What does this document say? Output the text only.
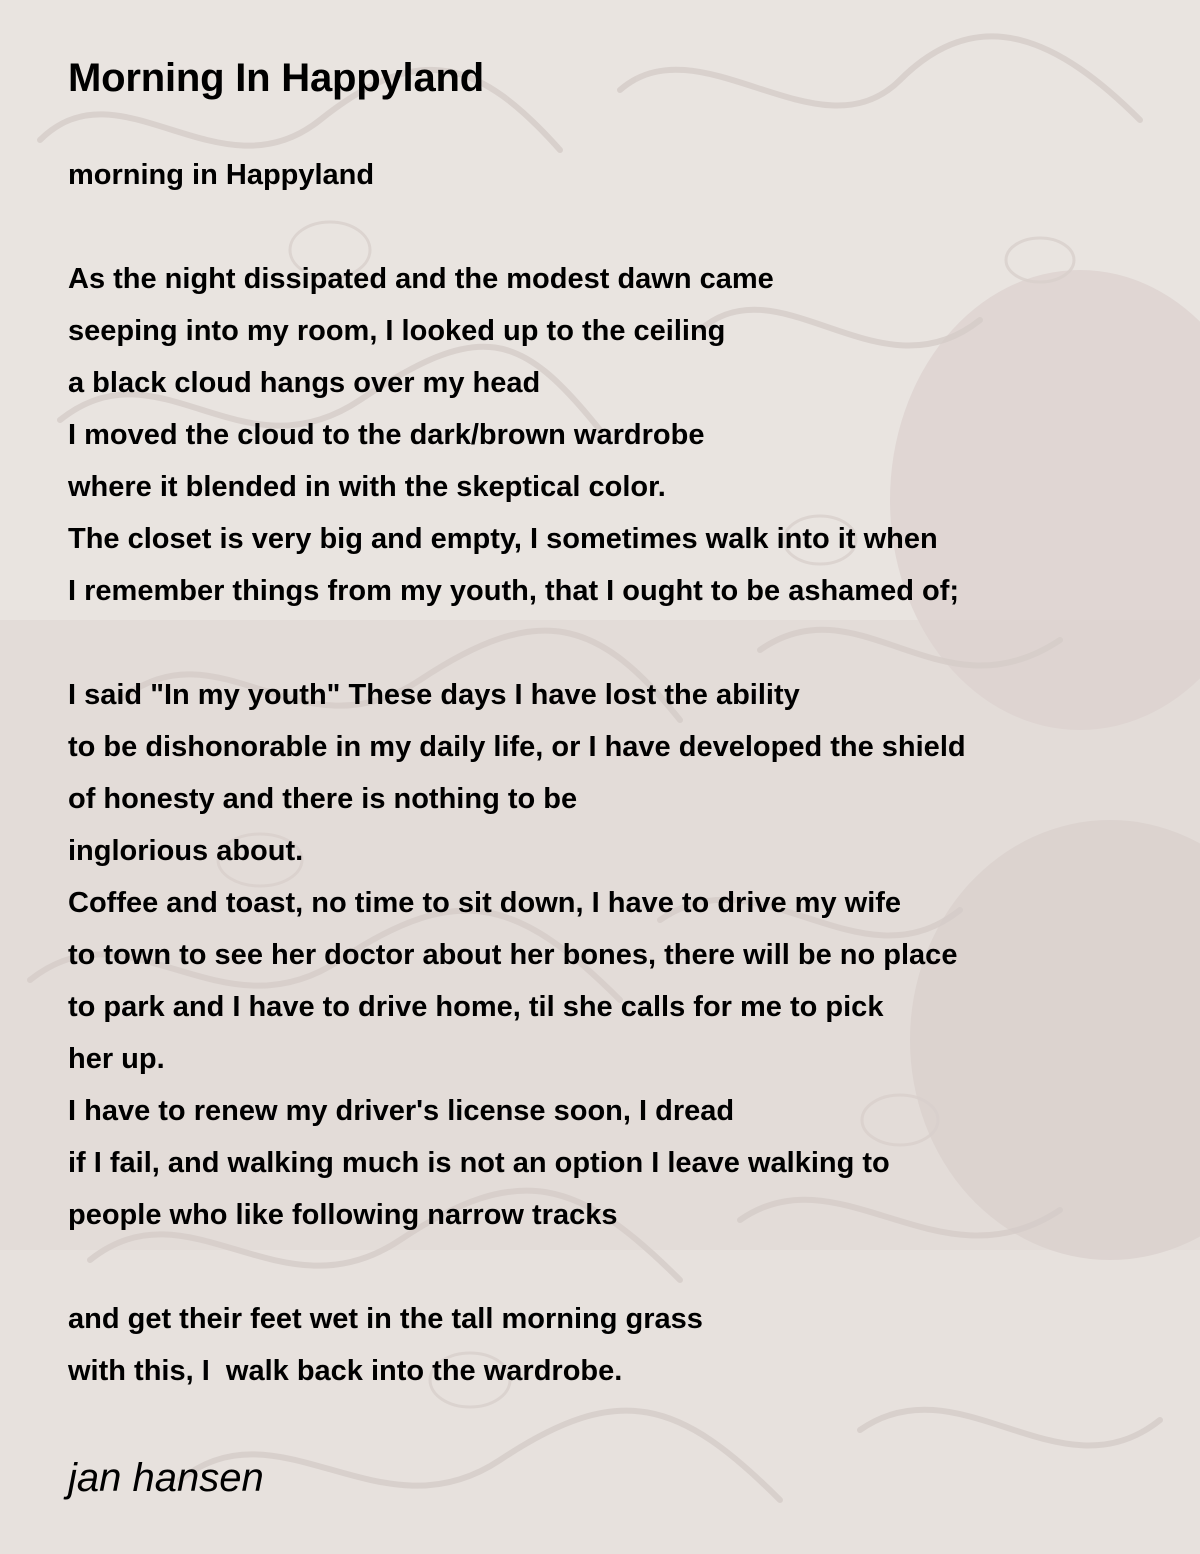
Morning In Happyland
morning in Happyland
As the night dissipated and the modest dawn came
seeping into my room, I looked up to the ceiling
a black cloud hangs over my head
I moved the cloud to the dark/brown wardrobe
where it blended in with the skeptical color.
The closet is very big and empty, I sometimes walk into it when
I remember things from my youth, that I ought to be ashamed of;
I said "In my youth" These days I have lost the ability
to be dishonorable in my daily life, or I have developed the shield
of honesty and there is nothing to be
inglorious about.
Coffee and toast, no time to sit down, I have to drive my wife
to town to see her doctor about her bones, there will be no place
to park and I have to drive home, til she calls for me to pick
her up.
I have to renew my driver's license soon, I dread
if I fail, and walking much is not an option I leave walking to
people who like following narrow tracks
and get their feet wet in the tall morning grass
with this, I  walk back into the wardrobe.
jan hansen
